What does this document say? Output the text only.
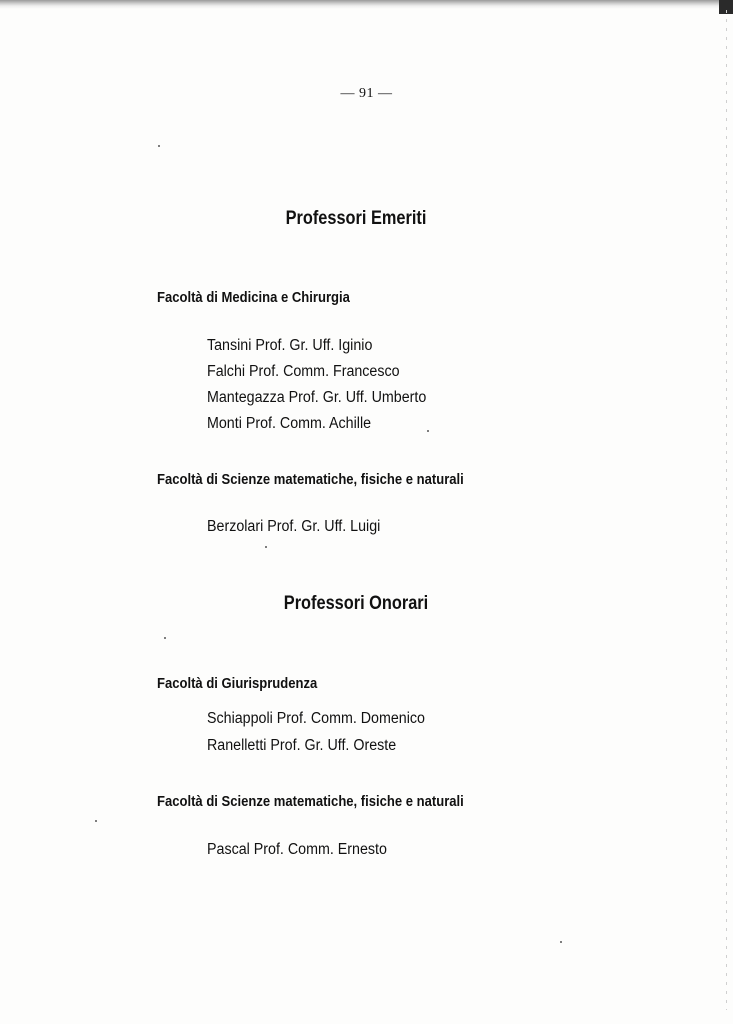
— 91 —
Professori Emeriti
Facoltà di Medicina e Chirurgia
Tansini Prof. Gr. Uff. Iginio
Falchi Prof. Comm. Francesco
Mantegazza Prof. Gr. Uff. Umberto
Monti Prof. Comm. Achille
Facoltà di Scienze matematiche, fisiche e naturali
Berzolari Prof. Gr. Uff. Luigi
Professori Onorari
Facoltà di Giurisprudenza
Schiappoli Prof. Comm. Domenico
Ranelletti Prof. Gr. Uff. Oreste
Facoltà di Scienze matematiche, fisiche e naturali
Pascal Prof. Comm. Ernesto
